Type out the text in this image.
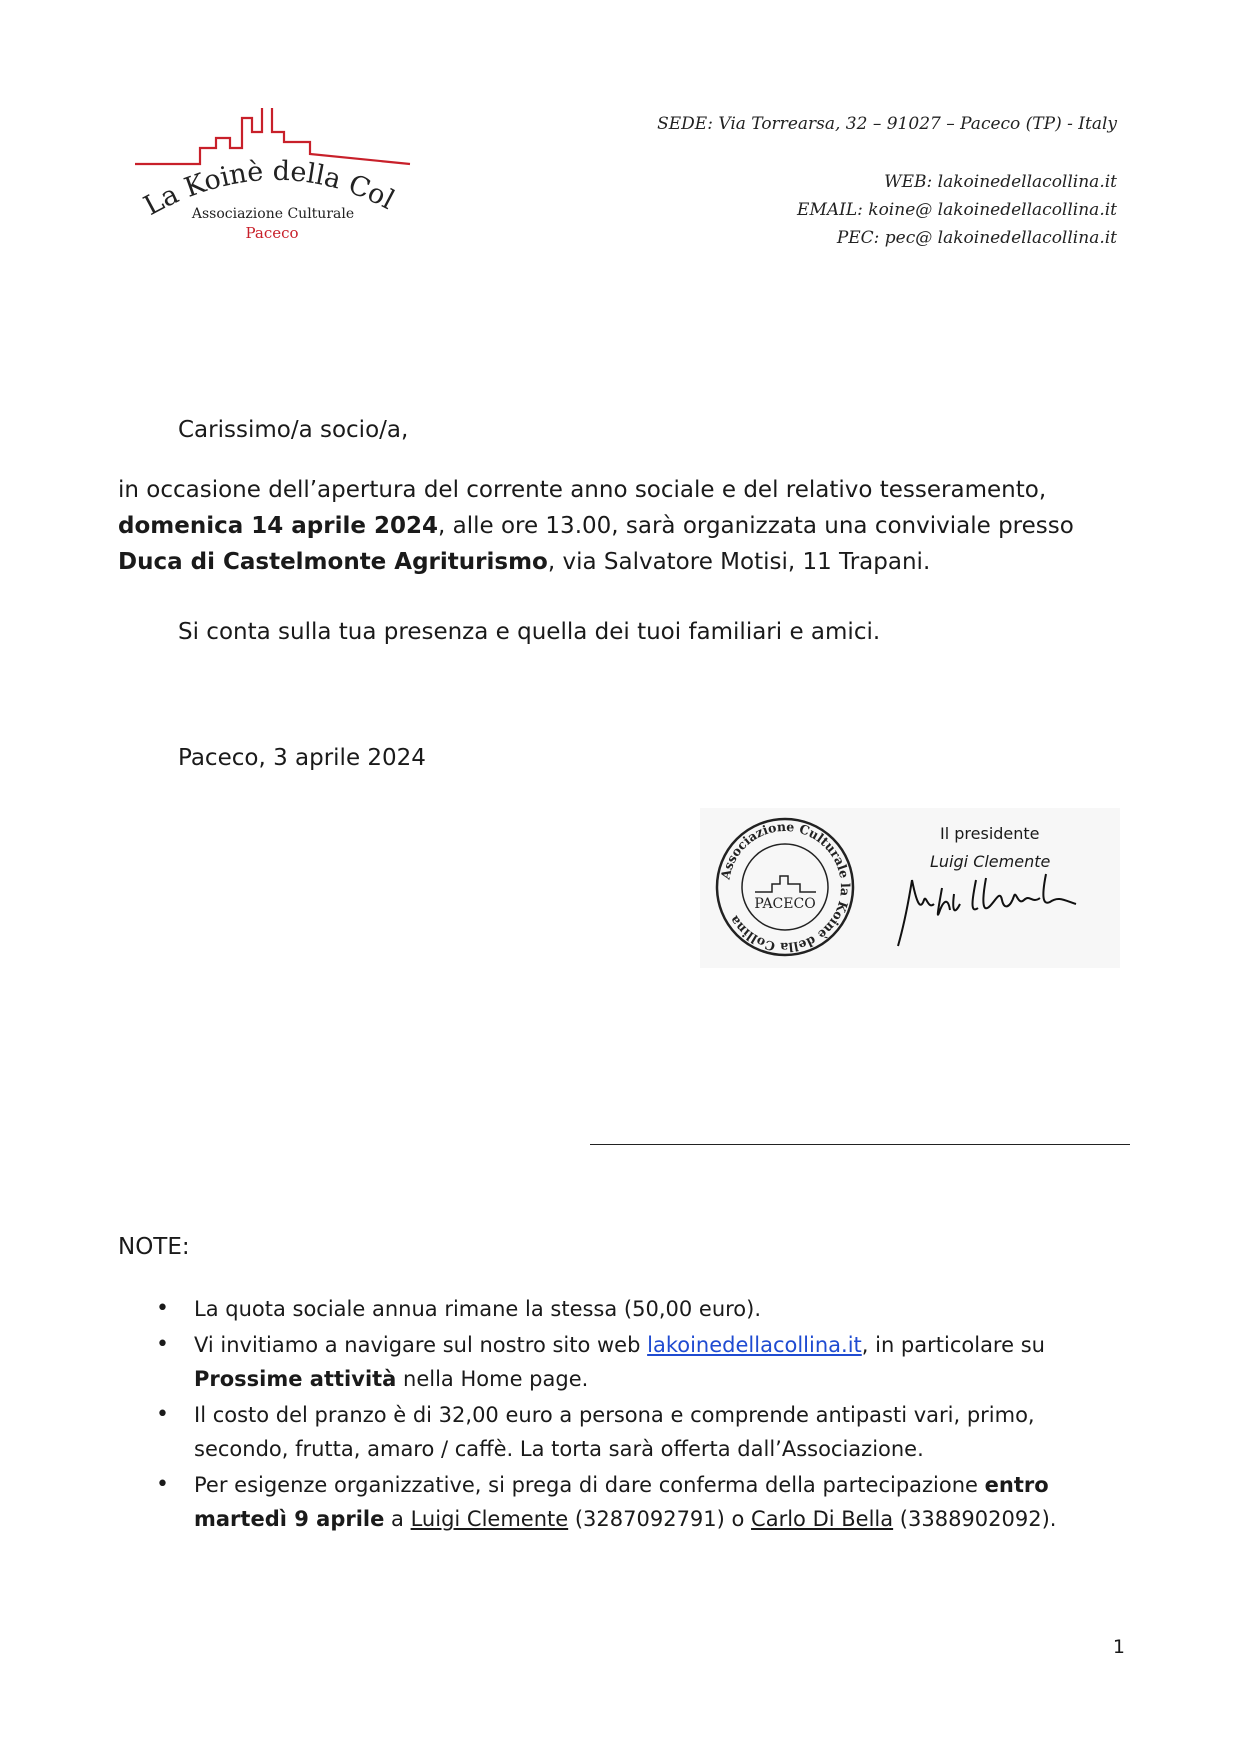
La Koinè della Col
Associazione Culturale
Paceco
SEDE: Via Torrearsa, 32 – 91027 – Paceco (TP) - Italy
WEB: lakoinedellacollina.it
EMAIL: koine@ lakoinedellacollina.it
PEC: pec@ lakoinedellacollina.it
Carissimo/a socio/a,
in occasione dell’apertura del corrente anno sociale e del relativo tesseramento,
domenica 14 aprile 2024, alle ore 13.00, sarà organizzata una conviviale presso
Duca di Castelmonte Agriturismo, via Salvatore Motisi, 11 Trapani.
Si conta sulla tua presenza e quella dei tuoi familiari e amici.
Paceco, 3 aprile 2024
Associazione Culturale la Koinè della Collina
PACECO
Il presidente
Luigi Clemente
NOTE:
• La quota sociale annua rimane la stessa (50,00 euro).
• Vi invitiamo a navigare sul nostro sito web lakoinedellacollina.it, in particolare su Prossime attività nella Home page.
• Il costo del pranzo è di 32,00 euro a persona e comprende antipasti vari, primo, secondo, frutta, amaro / caffè. La torta sarà offerta dall’Associazione.
• Per esigenze organizzative, si prega di dare conferma della partecipazione entro martedì 9 aprile a Luigi Clemente (3287092791) o Carlo Di Bella (3388902092).
1
